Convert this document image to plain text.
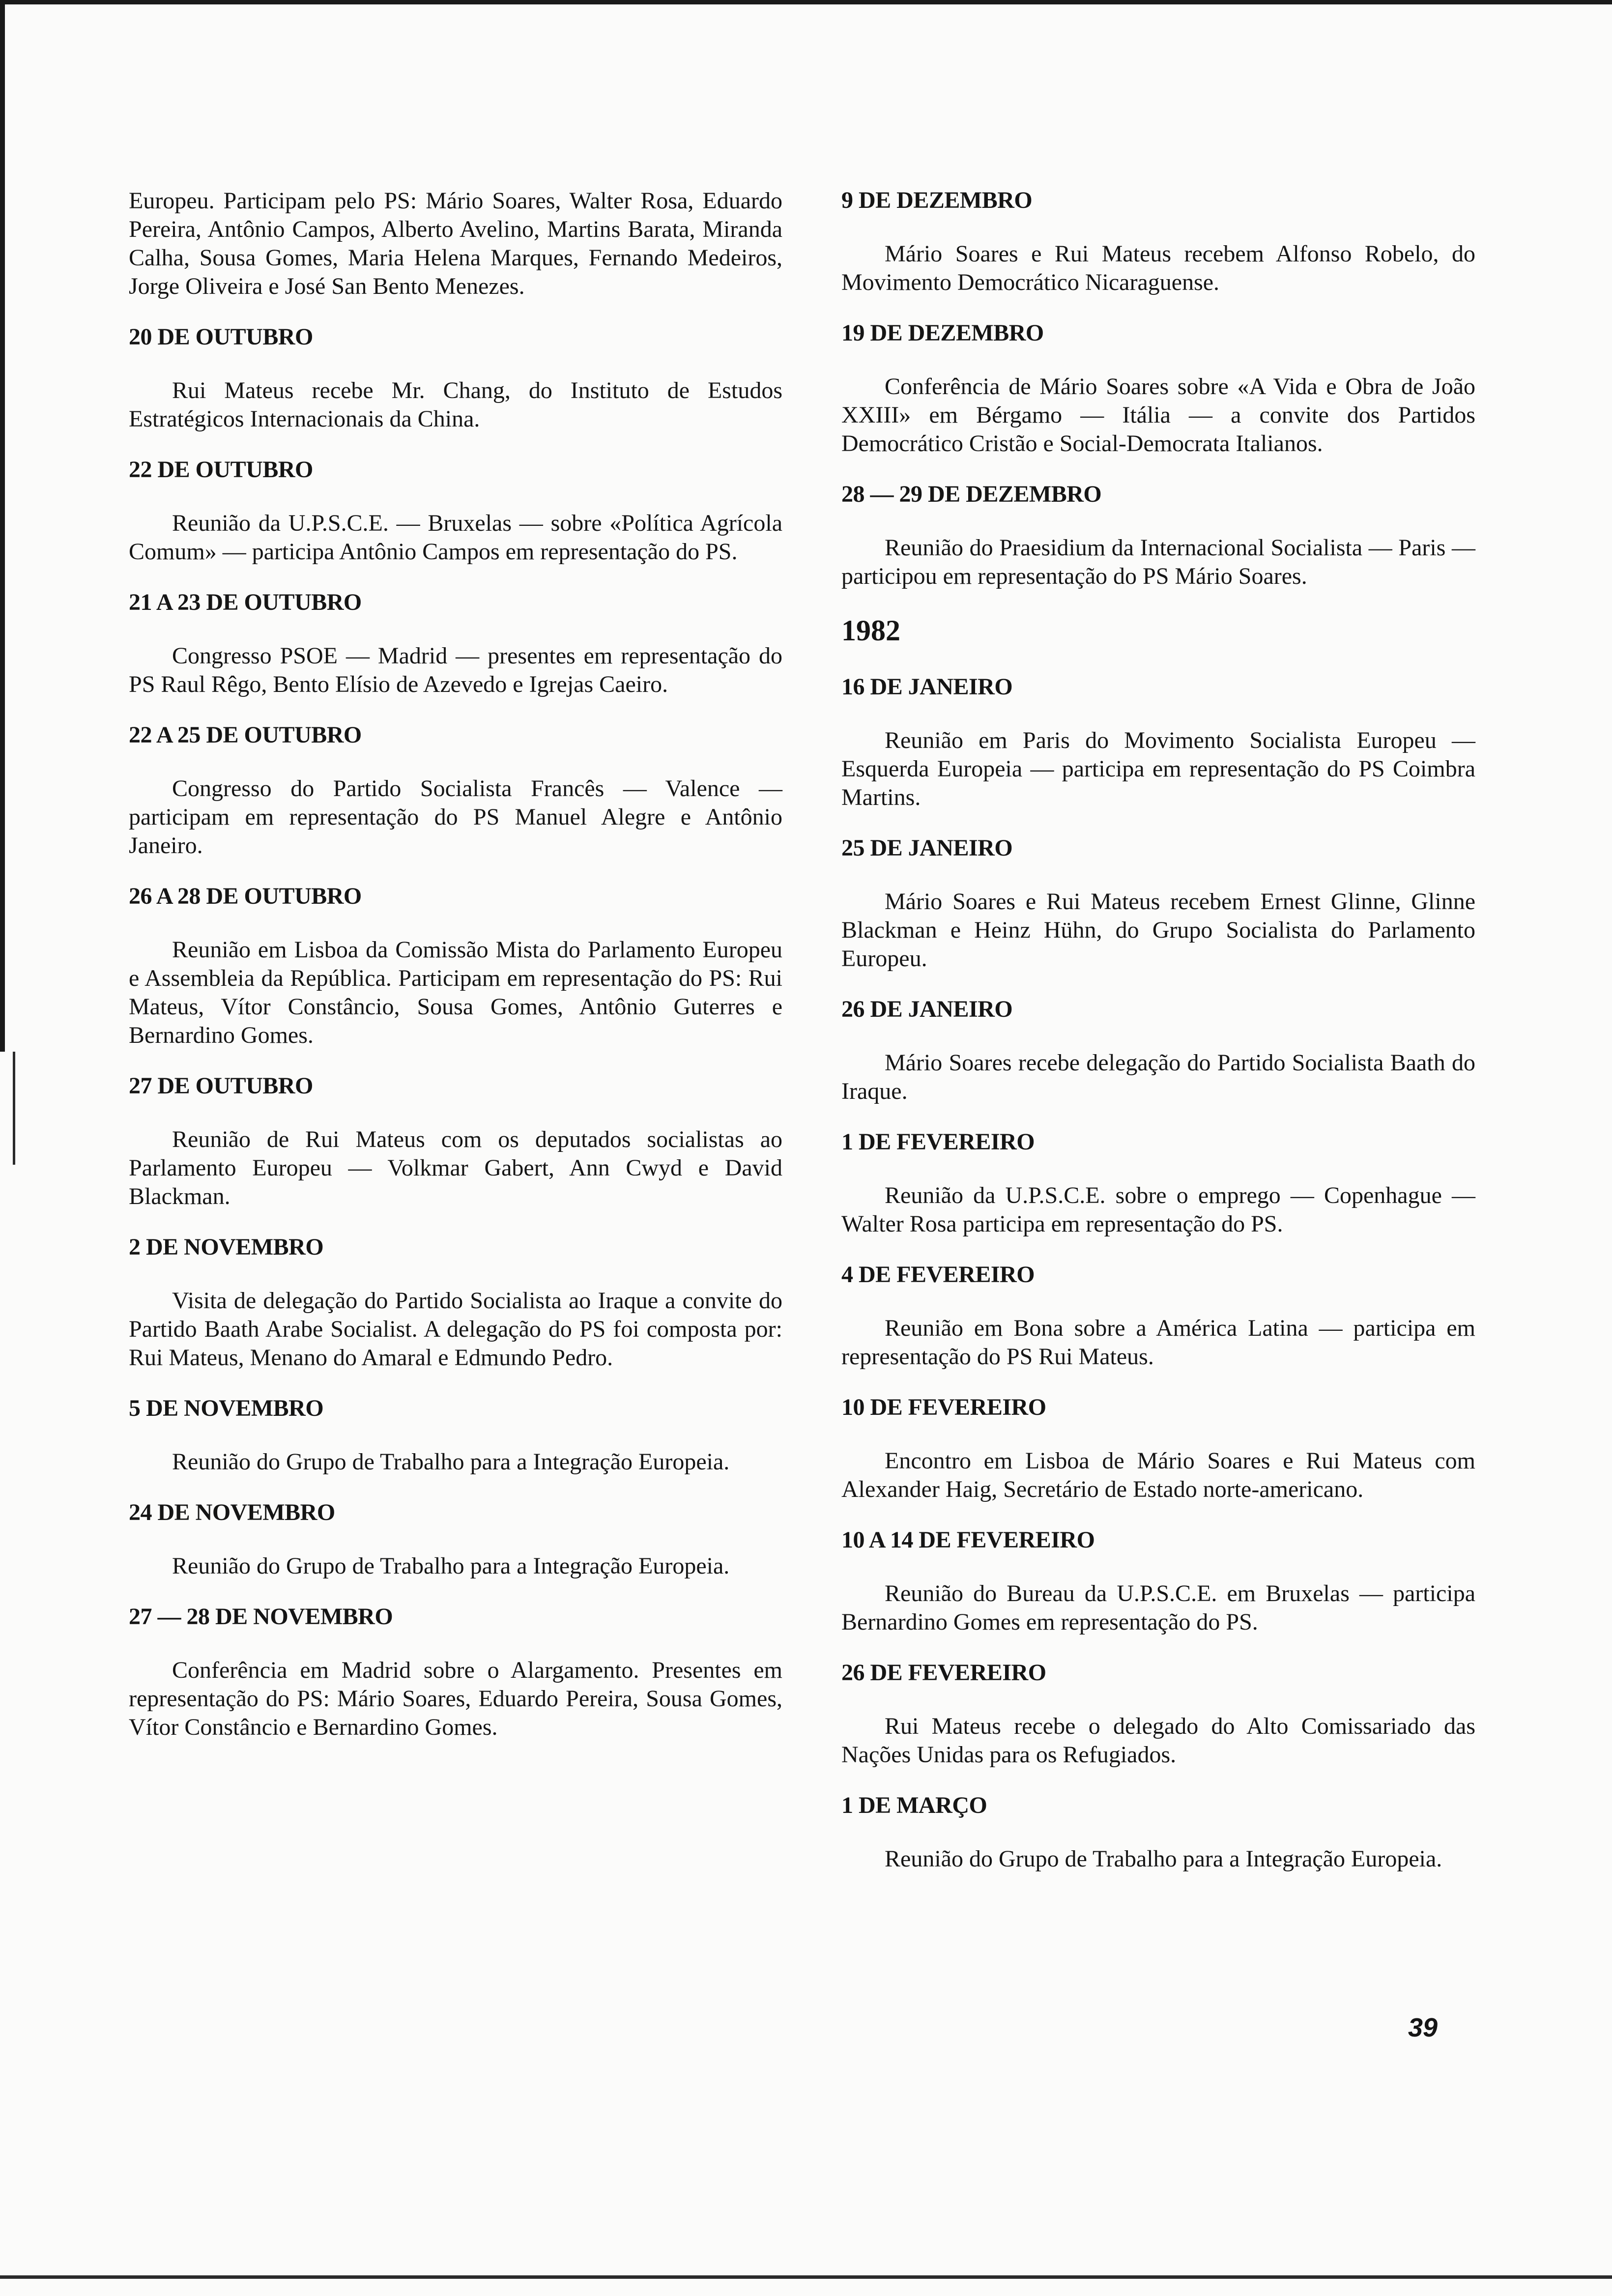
Europeu. Participam pelo PS: Mário Soares, Walter Rosa, Eduardo Pereira, Antônio Campos, Alberto Avelino, Martins Barata, Miranda Calha, Sousa Gomes, Maria Helena Marques, Fernando Medeiros, Jorge Oliveira e José San Bento Menezes.

20 DE OUTUBRO

Rui Mateus recebe Mr. Chang, do Instituto de Estudos Estratégicos Internacionais da China.

22 DE OUTUBRO

Reunião da U.P.S.C.E. — Bruxelas — sobre «Política Agrícola Comum» — participa Antônio Campos em representação do PS.

21 A 23 DE OUTUBRO

Congresso PSOE — Madrid — presentes em representação do PS Raul Rêgo, Bento Elísio de Azevedo e Igrejas Caeiro.

22 A 25 DE OUTUBRO

Congresso do Partido Socialista Francês — Valence — participam em representação do PS Manuel Alegre e Antônio Janeiro.

26 A 28 DE OUTUBRO

Reunião em Lisboa da Comissão Mista do Parlamento Europeu e Assembleia da República. Participam em representação do PS: Rui Mateus, Vítor Constâncio, Sousa Gomes, Antônio Guterres e Bernardino Gomes.

27 DE OUTUBRO

Reunião de Rui Mateus com os deputados socialistas ao Parlamento Europeu — Volkmar Gabert, Ann Cwyd e David Blackman.

2 DE NOVEMBRO

Visita de delegação do Partido Socialista ao Iraque a convite do Partido Baath Arabe Socialist. A delegação do PS foi composta por: Rui Mateus, Menano do Amaral e Edmundo Pedro.

5 DE NOVEMBRO

Reunião do Grupo de Trabalho para a Integração Europeia.

24 DE NOVEMBRO

Reunião do Grupo de Trabalho para a Integração Europeia.

27 — 28 DE NOVEMBRO

Conferência em Madrid sobre o Alargamento. Presentes em representação do PS: Mário Soares, Eduardo Pereira, Sousa Gomes, Vítor Constâncio e Bernardino Gomes.

9 DE DEZEMBRO

Mário Soares e Rui Mateus recebem Alfonso Robelo, do Movimento Democrático Nicaraguense.

19 DE DEZEMBRO

Conferência de Mário Soares sobre «A Vida e Obra de João XXIII» em Bérgamo — Itália — a convite dos Partidos Democrático Cristão e Social-Democrata Italianos.

28 — 29 DE DEZEMBRO

Reunião do Praesidium da Internacional Socialista — Paris — participou em representação do PS Mário Soares.

1982
16 DE JANEIRO

Reunião em Paris do Movimento Socialista Europeu — Esquerda Europeia — participa em representação do PS Coimbra Martins.

25 DE JANEIRO

Mário Soares e Rui Mateus recebem Ernest Glinne, Glinne Blackman e Heinz Hühn, do Grupo Socialista do Parlamento Europeu.

26 DE JANEIRO

Mário Soares recebe delegação do Partido Socialista Baath do Iraque.

1 DE FEVEREIRO

Reunião da U.P.S.C.E. sobre o emprego — Copenhague — Walter Rosa participa em representação do PS.

4 DE FEVEREIRO

Reunião em Bona sobre a América Latina — participa em representação do PS Rui Mateus.

10 DE FEVEREIRO

Encontro em Lisboa de Mário Soares e Rui Mateus com Alexander Haig, Secretário de Estado norte-americano.

10 A 14 DE FEVEREIRO

Reunião do Bureau da U.P.S.C.E. em Bruxelas — participa Bernardino Gomes em representação do PS.

26 DE FEVEREIRO

Rui Mateus recebe o delegado do Alto Comissariado das Nações Unidas para os Refugiados.

1 DE MARÇO

Reunião do Grupo de Trabalho para a Integração Europeia.

39
